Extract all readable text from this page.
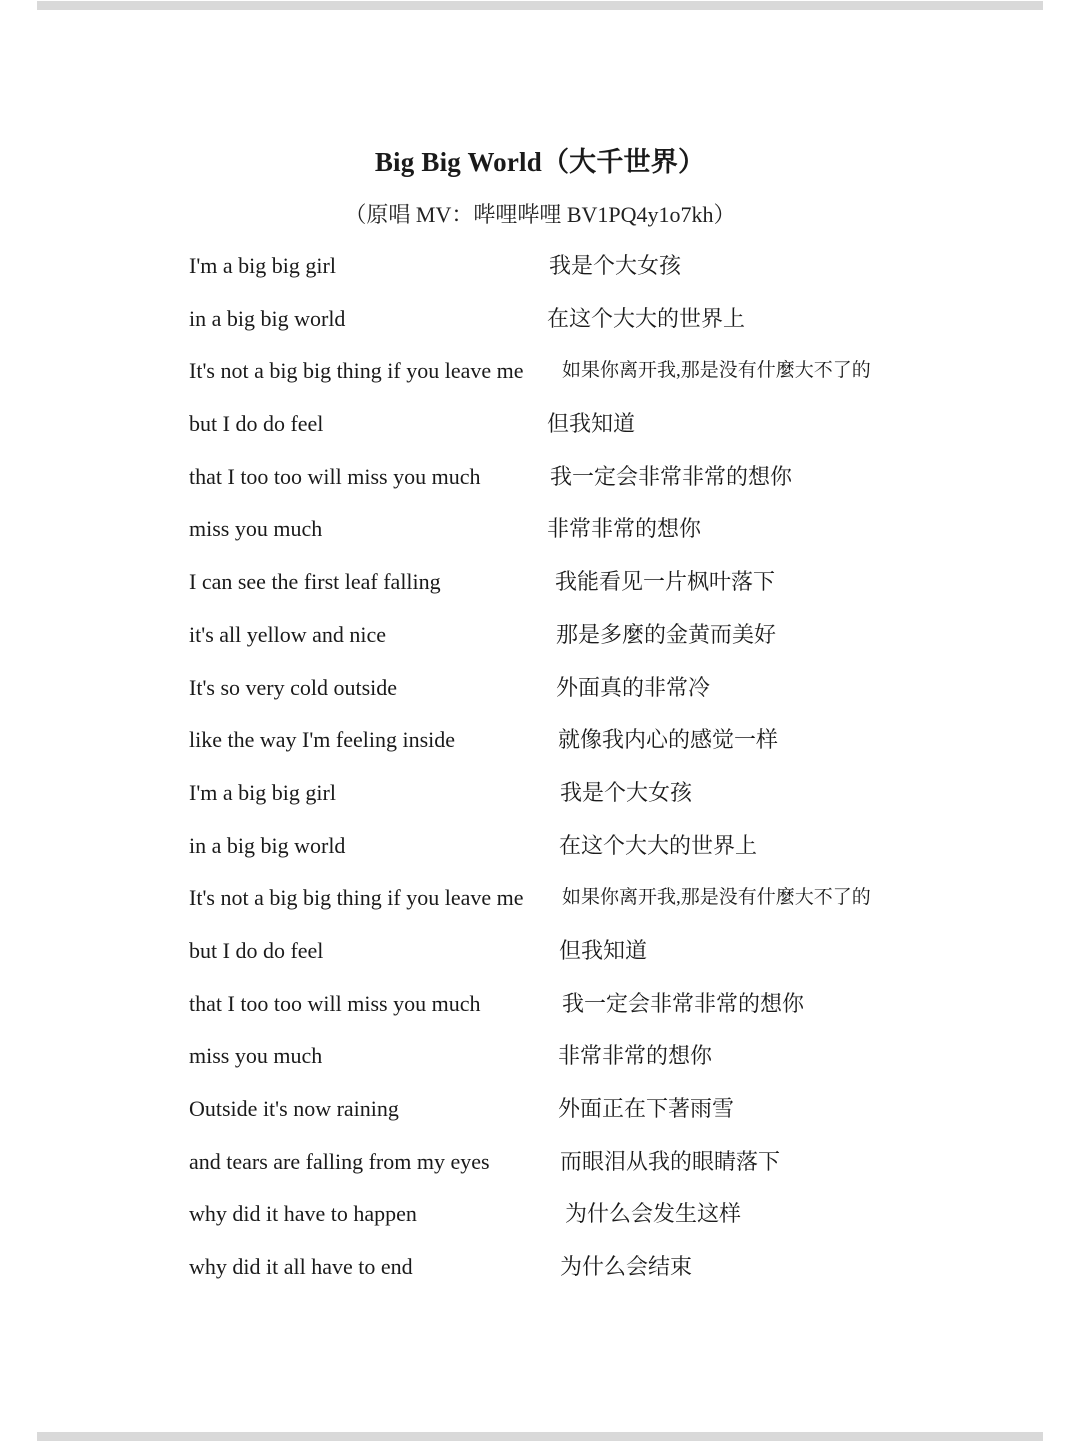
Big Big World（大千世界）
（原唱 MV：哔哩哔哩 BV1PQ4y1o7kh）
I'm a big big girl	我是个大女孩
in a big big world	在这个大大的世界上
It's not a big big thing if you leave me 如果你离开我,那是没有什麼大不了的
but I do do feel	但我知道
that I too too will miss you much	我一定会非常非常的想你
miss you much	非常非常的想你
I can see the first leaf falling	我能看见一片枫叶落下
it's all yellow and nice	那是多麼的金黄而美好
It's so very cold outside	外面真的非常冷
like the way I'm feeling inside	就像我内心的感觉一样
I'm a big big girl	我是个大女孩
in a big big world	在这个大大的世界上
It's not a big big thing if you leave me 如果你离开我,那是没有什麼大不了的
but I do do feel	但我知道
that I too too will miss you much	我一定会非常非常的想你
miss you much	非常非常的想你
Outside it's now raining	外面正在下著雨雪
and tears are falling from my eyes	而眼泪从我的眼睛落下
why did it have to happen	为什么会发生这样
why did it all have to end	为什么会结束
